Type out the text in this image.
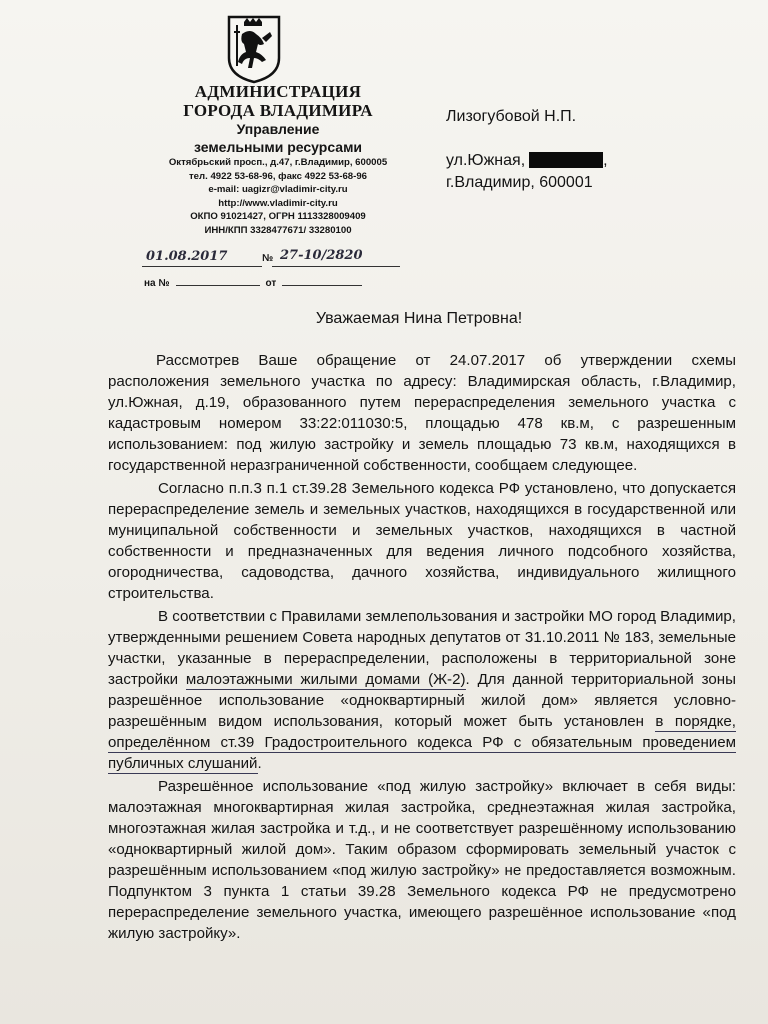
АДМИНИСТРАЦИЯ
ГОРОДА ВЛАДИМИРА
Управление
земельными ресурсами
Октябрьский просп., д.47, г.Владимир, 600005
тел. 4922 53-68-96, факс 4922 53-68-96
e-mail: uagizr@vladimir-city.ru
http://www.vladimir-city.ru
ОКПО 91021427, ОГРН 1113328009409
ИНН/КПП 3328477671/ 33280100
01.08.2017	№ 27-10/2820
на №	от
Лизогубовой Н.П.
ул.Южная,	,
г.Владимир, 600001
Уважаемая Нина Петровна!

Рассмотрев Ваше обращение от 24.07.2017 об утверждении схемы расположения земельного участка по адресу: Владимирская область, г.Владимир, ул.Южная, д.19, образованного путем перераспределения земельного участка с кадастровым номером 33:22:011030:5, площадью 478 кв.м, с разрешенным использованием: под жилую застройку и земель площадью 73 кв.м, находящихся в государственной неразграниченной собственности, сообщаем следующее.

Согласно п.п.3 п.1 ст.39.28 Земельного кодекса РФ установлено, что допускается перераспределение земель и земельных участков, находящихся в государственной или муниципальной собственности и земельных участков, находящихся в частной собственности и предназначенных для ведения личного подсобного хозяйства, огородничества, садоводства, дачного хозяйства, индивидуального жилищного строительства.

В соответствии с Правилами землепользования и застройки МО город Владимир, утвержденными решением Совета народных депутатов от 31.10.2011 № 183, земельные участки, указанные в перераспределении, расположены в территориальной зоне застройки малоэтажными жилыми домами (Ж-2). Для данной территориальной зоны разрешённое использование «одноквартирный жилой дом» является условно-разрешённым видом использования, который может быть установлен в порядке, определённом ст.39 Градостроительного кодекса РФ с обязательным проведением публичных слушаний.

Разрешённое использование «под жилую застройку» включает в себя виды: малоэтажная многоквартирная жилая застройка, среднеэтажная жилая застройка, многоэтажная жилая застройка и т.д., и не соответствует разрешённому использованию «одноквартирный жилой дом». Таким образом сформировать земельный участок с разрешённым использованием «под жилую застройку» не предоставляется возможным. Подпунктом 3 пункта 1 статьи 39.28 Земельного кодекса РФ не предусмотрено перераспределение земельного участка, имеющего разрешённое использование «под жилую застройку».
